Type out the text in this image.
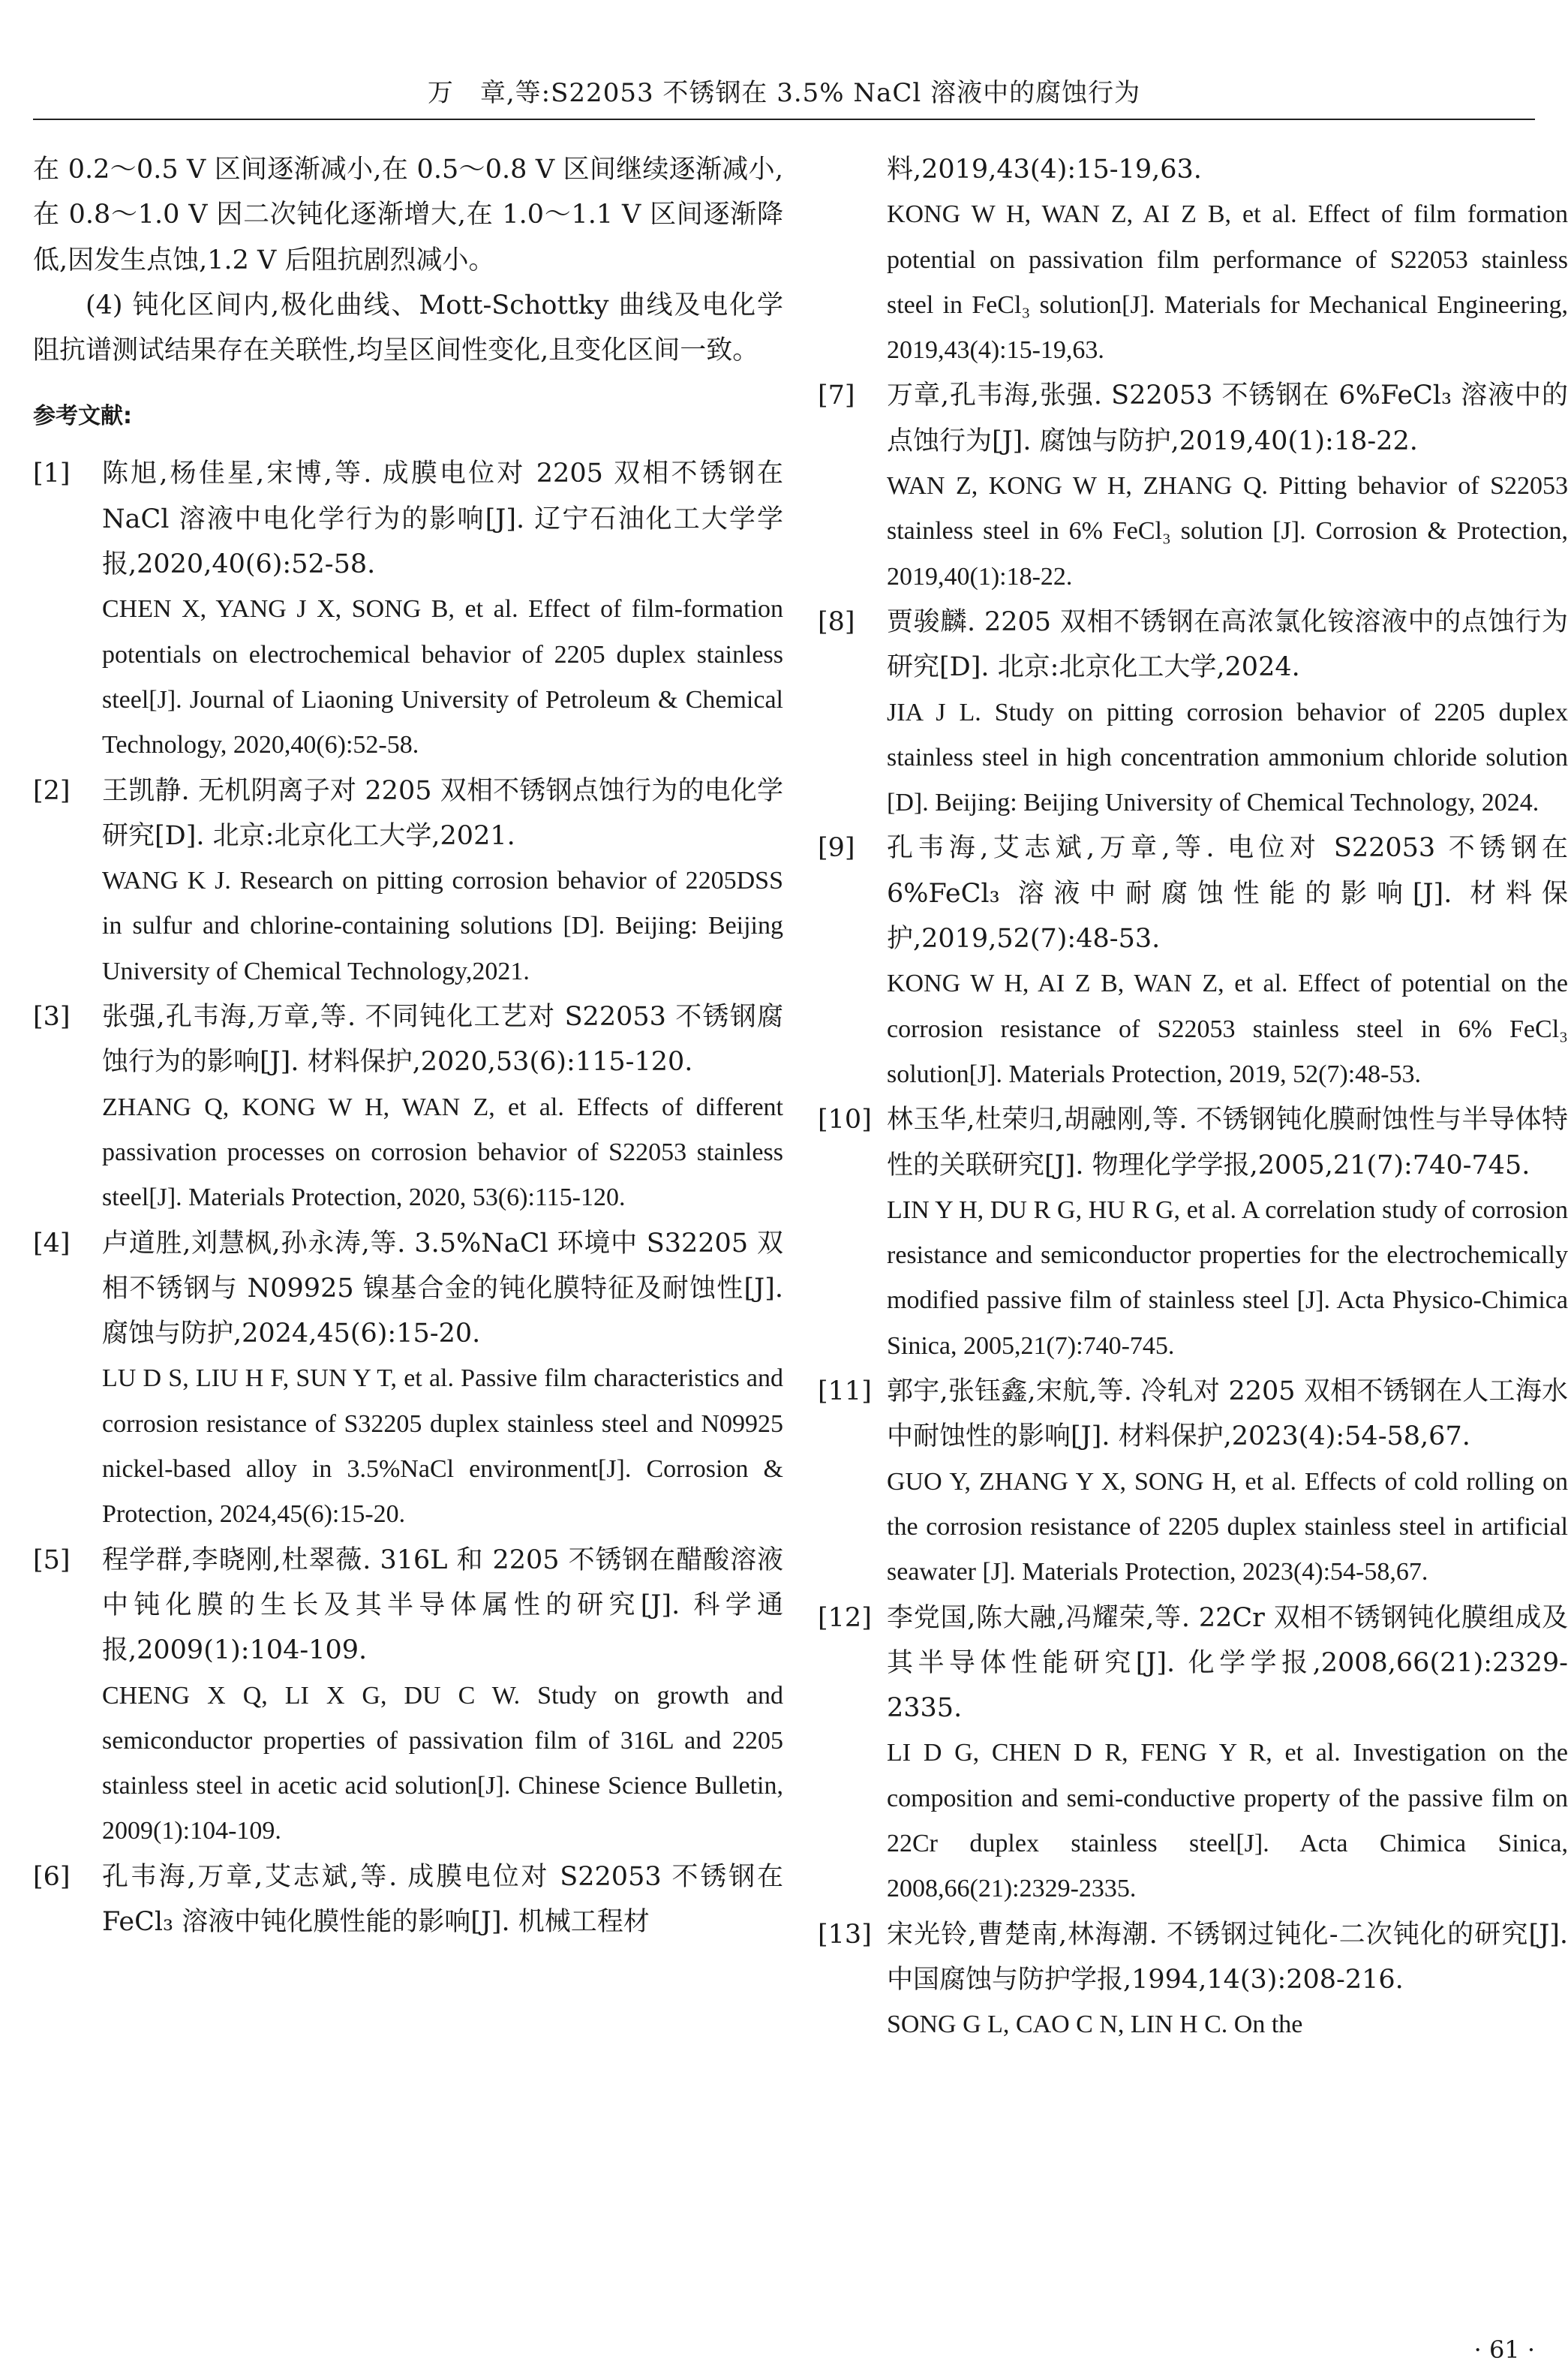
万　章,等:S22053 不锈钢在 3.5% NaCl 溶液中的腐蚀行为
在 0.2～0.5 V 区间逐渐减小,在 0.5～0.8 V 区间继续逐渐减小,在 0.8～1.0 V 因二次钝化逐渐增大,在 1.0～1.1 V 区间逐渐降低,因发生点蚀,1.2 V 后阻抗剧烈减小。
(4) 钝化区间内,极化曲线、Mott-Schottky 曲线及电化学阻抗谱测试结果存在关联性,均呈区间性变化,且变化区间一致。
参考文献:
[1] 陈旭,杨佳星,宋博,等. 成膜电位对 2205 双相不锈钢在 NaCl 溶液中电化学行为的影响[J]. 辽宁石油化工大学学报,2020,40(6):52-58.
CHEN X, YANG J X, SONG B, et al. Effect of film-formation potentials on electrochemical behavior of 2205 duplex stainless steel[J]. Journal of Liaoning University of Petroleum & Chemical Technology, 2020,40(6):52-58.
[2] 王凯静. 无机阴离子对 2205 双相不锈钢点蚀行为的电化学研究[D]. 北京:北京化工大学,2021.
WANG K J. Research on pitting corrosion behavior of 2205DSS in sulfur and chlorine-containing solutions [D]. Beijing: Beijing University of Chemical Technology,2021.
[3] 张强,孔韦海,万章,等. 不同钝化工艺对 S22053 不锈钢腐蚀行为的影响[J]. 材料保护,2020,53(6):115-120.
ZHANG Q, KONG W H, WAN Z, et al. Effects of different passivation processes on corrosion behavior of S22053 stainless steel[J]. Materials Protection, 2020, 53(6):115-120.
[4] 卢道胜,刘慧枫,孙永涛,等. 3.5%NaCl 环境中 S32205 双相不锈钢与 N09925 镍基合金的钝化膜特征及耐蚀性[J]. 腐蚀与防护,2024,45(6):15-20.
LU D S, LIU H F, SUN Y T, et al. Passive film characteristics and corrosion resistance of S32205 duplex stainless steel and N09925 nickel-based alloy in 3.5%NaCl environment[J]. Corrosion & Protection, 2024,45(6):15-20.
[5] 程学群,李晓刚,杜翠薇. 316L 和 2205 不锈钢在醋酸溶液中钝化膜的生长及其半导体属性的研究[J]. 科学通报,2009(1):104-109.
CHENG X Q, LI X G, DU C W. Study on growth and semiconductor properties of passivation film of 316L and 2205 stainless steel in acetic acid solution[J]. Chinese Science Bulletin, 2009(1):104-109.
[6] 孔韦海,万章,艾志斌,等. 成膜电位对 S22053 不锈钢在 FeCl₃ 溶液中钝化膜性能的影响[J]. 机械工程材
料,2019,43(4):15-19,63.
KONG W H, WAN Z, AI Z B, et al. Effect of film formation potential on passivation film performance of S22053 stainless steel in FeCl₃ solution[J]. Materials for Mechanical Engineering, 2019,43(4):15-19,63.
[7] 万章,孔韦海,张强. S22053 不锈钢在 6%FeCl₃ 溶液中的点蚀行为[J]. 腐蚀与防护,2019,40(1):18-22.
WAN Z, KONG W H, ZHANG Q. Pitting behavior of S22053 stainless steel in 6% FeCl₃ solution [J]. Corrosion & Protection, 2019,40(1):18-22.
[8] 贾骏麟. 2205 双相不锈钢在高浓氯化铵溶液中的点蚀行为研究[D]. 北京:北京化工大学,2024.
JIA J L. Study on pitting corrosion behavior of 2205 duplex stainless steel in high concentration ammonium chloride solution [D]. Beijing: Beijing University of Chemical Technology, 2024.
[9] 孔韦海,艾志斌,万章,等. 电位对 S22053 不锈钢在 6%FeCl₃ 溶液中耐腐蚀性能的影响[J]. 材料保护,2019,52(7):48-53.
KONG W H, AI Z B, WAN Z, et al. Effect of potential on the corrosion resistance of S22053 stainless steel in 6% FeCl₃ solution[J]. Materials Protection, 2019, 52(7):48-53.
[10] 林玉华,杜荣归,胡融刚,等. 不锈钢钝化膜耐蚀性与半导体特性的关联研究[J]. 物理化学学报,2005,21(7):740-745.
LIN Y H, DU R G, HU R G, et al. A correlation study of corrosion resistance and semiconductor properties for the electrochemically modified passive film of stainless steel [J]. Acta Physico-Chimica Sinica, 2005,21(7):740-745.
[11] 郭宇,张钰鑫,宋航,等. 冷轧对 2205 双相不锈钢在人工海水中耐蚀性的影响[J]. 材料保护,2023(4):54-58,67.
GUO Y, ZHANG Y X, SONG H, et al. Effects of cold rolling on the corrosion resistance of 2205 duplex stainless steel in artificial seawater [J]. Materials Protection, 2023(4):54-58,67.
[12] 李党国,陈大融,冯耀荣,等. 22Cr 双相不锈钢钝化膜组成及其半导体性能研究[J]. 化学学报,2008,66(21):2329-2335.
LI D G, CHEN D R, FENG Y R, et al. Investigation on the composition and semi-conductive property of the passive film on 22Cr duplex stainless steel[J]. Acta Chimica Sinica, 2008,66(21):2329-2335.
[13] 宋光铃,曹楚南,林海潮. 不锈钢过钝化-二次钝化的研究[J]. 中国腐蚀与防护学报,1994,14(3):208-216.
SONG G L, CAO C N, LIN H C. On the
· 61 ·
